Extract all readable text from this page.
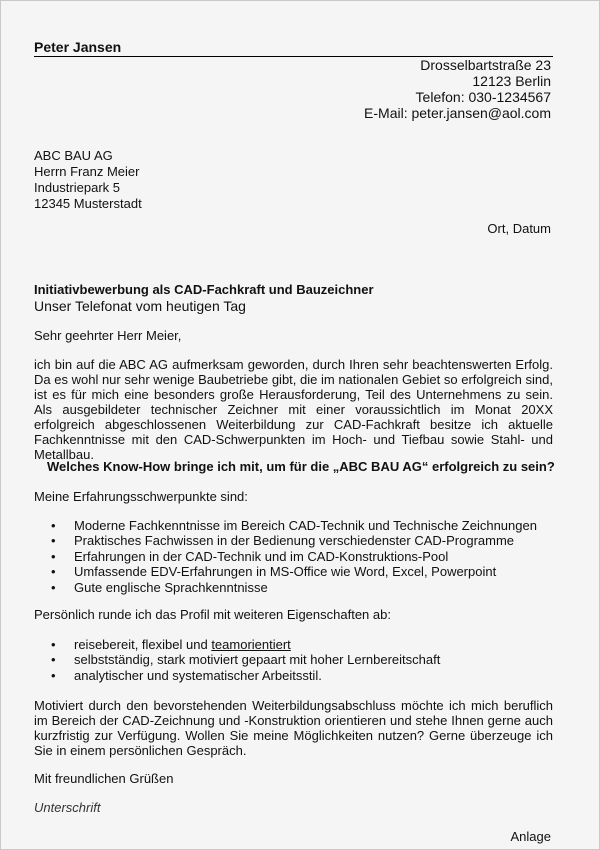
Peter Jansen
Drosselbartstraße 23
12123 Berlin
Telefon: 030-1234567
E-Mail: peter.jansen@aol.com
ABC BAU AG
Herrn Franz Meier
Industriepark 5
12345 Musterstadt
Ort, Datum
Initiativbewerbung als CAD-Fachkraft und Bauzeichner
Unser Telefonat vom heutigen Tag
Sehr geehrter Herr Meier,
ich bin auf die ABC AG aufmerksam geworden, durch Ihren sehr beachtenswerten Erfolg. Da es wohl nur sehr wenige Baubetriebe gibt, die im nationalen Gebiet so erfolgreich sind, ist es für mich eine besonders große Herausforderung, Teil des Unternehmens zu sein. Als ausgebildeter technischer Zeichner mit einer voraussichtlich im Monat 20XX erfolgreich abgeschlossenen Weiterbildung zur CAD-Fachkraft besitze ich aktuelle Fachkenntnisse mit den CAD-Schwerpunkten im Hoch- und Tiefbau sowie Stahl- und Metallbau.
Welches Know-How bringe ich mit, um für die „ABC BAU AG“ erfolgreich zu sein?
Meine Erfahrungsschwerpunkte sind:
• Moderne Fachkenntnisse im Bereich CAD-Technik und Technische Zeichnungen
• Praktisches Fachwissen in der Bedienung verschiedenster CAD-Programme
• Erfahrungen in der CAD-Technik und im CAD-Konstruktions-Pool
• Umfassende EDV-Erfahrungen in MS-Office wie Word, Excel, Powerpoint
• Gute englische Sprachkenntnisse
Persönlich runde ich das Profil mit weiteren Eigenschaften ab:
• reisebereit, flexibel und teamorientiert
• selbstständig, stark motiviert gepaart mit hoher Lernbereitschaft
• analytischer und systematischer Arbeitsstil.
Motiviert durch den bevorstehenden Weiterbildungsabschluss möchte ich mich beruflich im Bereich der CAD-Zeichnung und -Konstruktion orientieren und stehe Ihnen gerne auch kurzfristig zur Verfügung. Wollen Sie meine Möglichkeiten nutzen? Gerne überzeuge ich Sie in einem persönlichen Gespräch.
Mit freundlichen Grüßen
Unterschrift
Anlage
